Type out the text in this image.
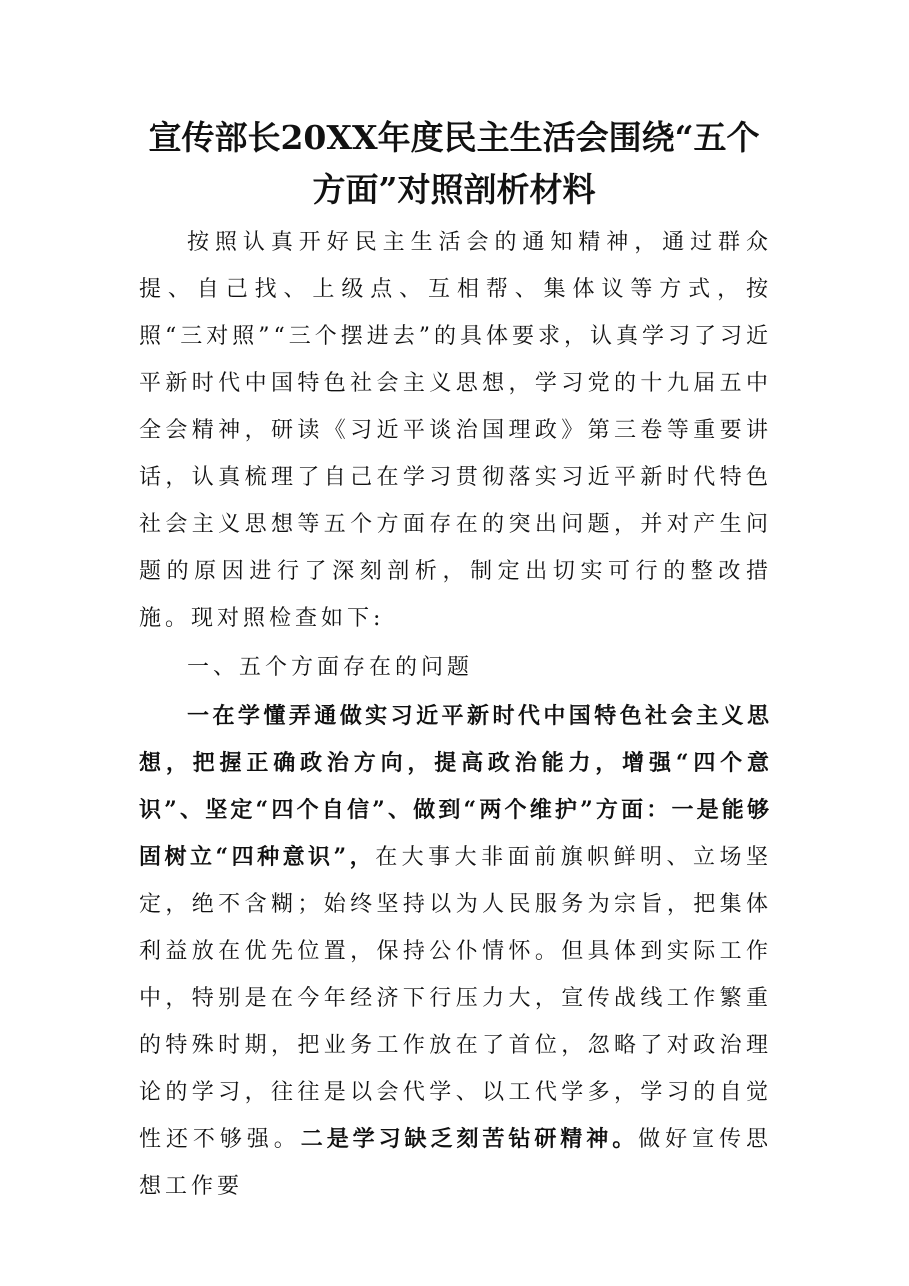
宣传部长20XX年度民主生活会围绕“五个
方面”对照剖析材料

按照认真开好民主生活会的通知精神，通过群众提、自己找、上级点、互相帮、集体议等方式，按照“三对照”“三个摆进去”的具体要求，认真学习了习近平新时代中国特色社会主义思想，学习党的十九届五中全会精神，研读《习近平谈治国理政》第三卷等重要讲话，认真梳理了自己在学习贯彻落实习近平新时代特色社会主义思想等五个方面存在的突出问题，并对产生问题的原因进行了深刻剖析，制定出切实可行的整改措施。现对照检查如下:

一、五个方面存在的问题

一在学懂弄通做实习近平新时代中国特色社会主义思想，把握正确政治方向，提高政治能力，增强“四个意识”、坚定“四个自信”、做到“两个维护”方面：一是能够固树立“四种意识”，在大事大非面前旗帜鲜明、立场坚定，绝不含糊；始终坚持以为人民服务为宗旨，把集体利益放在优先位置，保持公仆情怀。但具体到实际工作中，特别是在今年经济下行压力大，宣传战线工作繁重的特殊时期，把业务工作放在了首位，忽略了对政治理论的学习，往往是以会代学、以工代学多，学习的自觉性还不够强。二是学习缺乏刻苦钻研精神。做好宣传思想工作要
